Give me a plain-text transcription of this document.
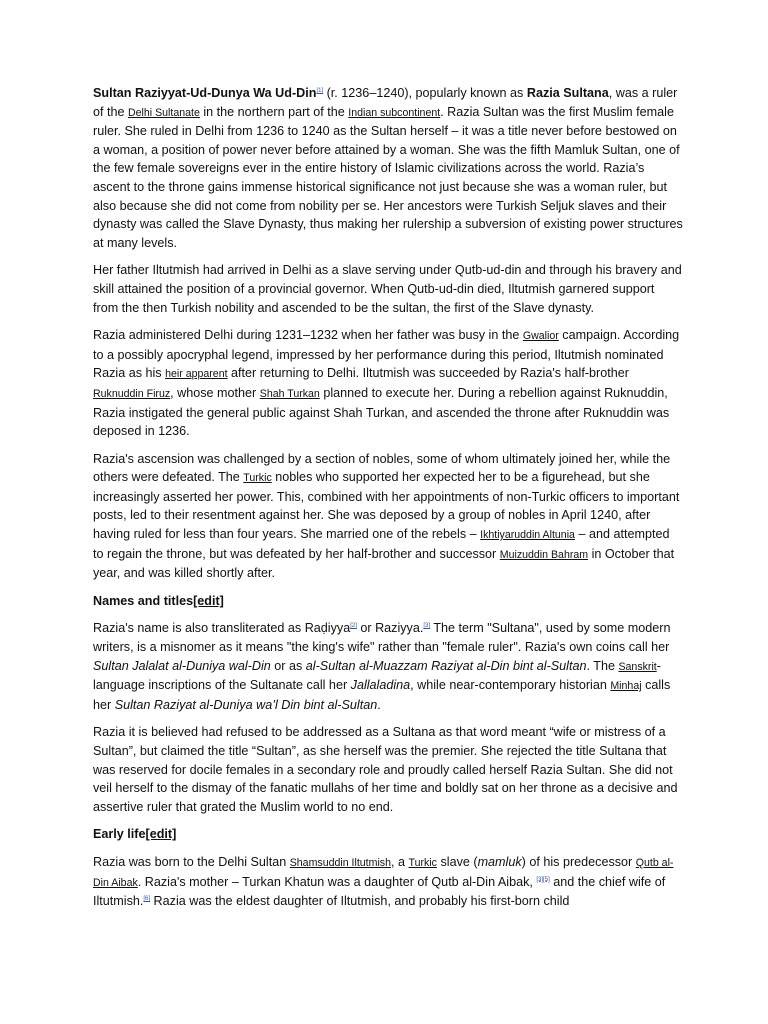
Sultan Raziyyat-Ud-Dunya Wa Ud-Din[1] (r. 1236–1240), popularly known as Razia Sultana, was a ruler of the Delhi Sultanate in the northern part of the Indian subcontinent. Razia Sultan was the first Muslim female ruler. She ruled in Delhi from 1236 to 1240 as the Sultan herself – it was a title never before bestowed on a woman, a position of power never before attained by a woman. She was the fifth Mamluk Sultan, one of the few female sovereigns ever in the entire history of Islamic civilizations across the world. Razia’s ascent to the throne gains immense historical significance not just because she was a woman ruler, but also because she did not come from nobility per se. Her ancestors were Turkish Seljuk slaves and their dynasty was called the Slave Dynasty, thus making her rulership a subversion of existing power structures at many levels.

Her father Iltutmish had arrived in Delhi as a slave serving under Qutb-ud-din and through his bravery and skill attained the position of a provincial governor. When Qutb-ud-din died, Iltutmish garnered support from the then Turkish nobility and ascended to be the sultan, the first of the Slave dynasty.

Razia administered Delhi during 1231–1232 when her father was busy in the Gwalior campaign. According to a possibly apocryphal legend, impressed by her performance during this period, Iltutmish nominated Razia as his heir apparent after returning to Delhi. Iltutmish was succeeded by Razia's half-brother Ruknuddin Firuz, whose mother Shah Turkan planned to execute her. During a rebellion against Ruknuddin, Razia instigated the general public against Shah Turkan, and ascended the throne after Ruknuddin was deposed in 1236.

Razia's ascension was challenged by a section of nobles, some of whom ultimately joined her, while the others were defeated. The Turkic nobles who supported her expected her to be a figurehead, but she increasingly asserted her power. This, combined with her appointments of non-Turkic officers to important posts, led to their resentment against her. She was deposed by a group of nobles in April 1240, after having ruled for less than four years. She married one of the rebels – Ikhtiyaruddin Altunia – and attempted to regain the throne, but was defeated by her half-brother and successor Muizuddin Bahram in October that year, and was killed shortly after.

Names and titles[edit]

Razia's name is also transliterated as Raḍiyya[2] or Raziyya.[3] The term "Sultana", used by some modern writers, is a misnomer as it means "the king's wife" rather than "female ruler". Razia's own coins call her Sultan Jalalat al-Duniya wal-Din or as al-Sultan al-Muazzam Raziyat al-Din bint al-Sultan. The Sanskrit-language inscriptions of the Sultanate call her Jallaladina, while near-contemporary historian Minhaj calls her Sultan Raziyat al-Duniya wa’l Din bint al-Sultan.

Razia it is believed had refused to be addressed as a Sultana as that word meant “wife or mistress of a Sultan”, but claimed the title “Sultan”, as she herself was the premier. She rejected the title Sultana that was reserved for docile females in a secondary role and proudly called herself Razia Sultan. She did not veil herself to the dismay of the fanatic mullahs of her time and boldly sat on her throne as a decisive and assertive ruler that grated the Muslim world to no end.

Early life[edit]

Razia was born to the Delhi Sultan Shamsuddin Iltutmish, a Turkic slave (mamluk) of his predecessor Qutb al-Din Aibak. Razia's mother – Turkan Khatun was a daughter of Qutb al-Din Aibak, [3][5] and the chief wife of Iltutmish.[6] Razia was the eldest daughter of Iltutmish, and probably his first-born child
